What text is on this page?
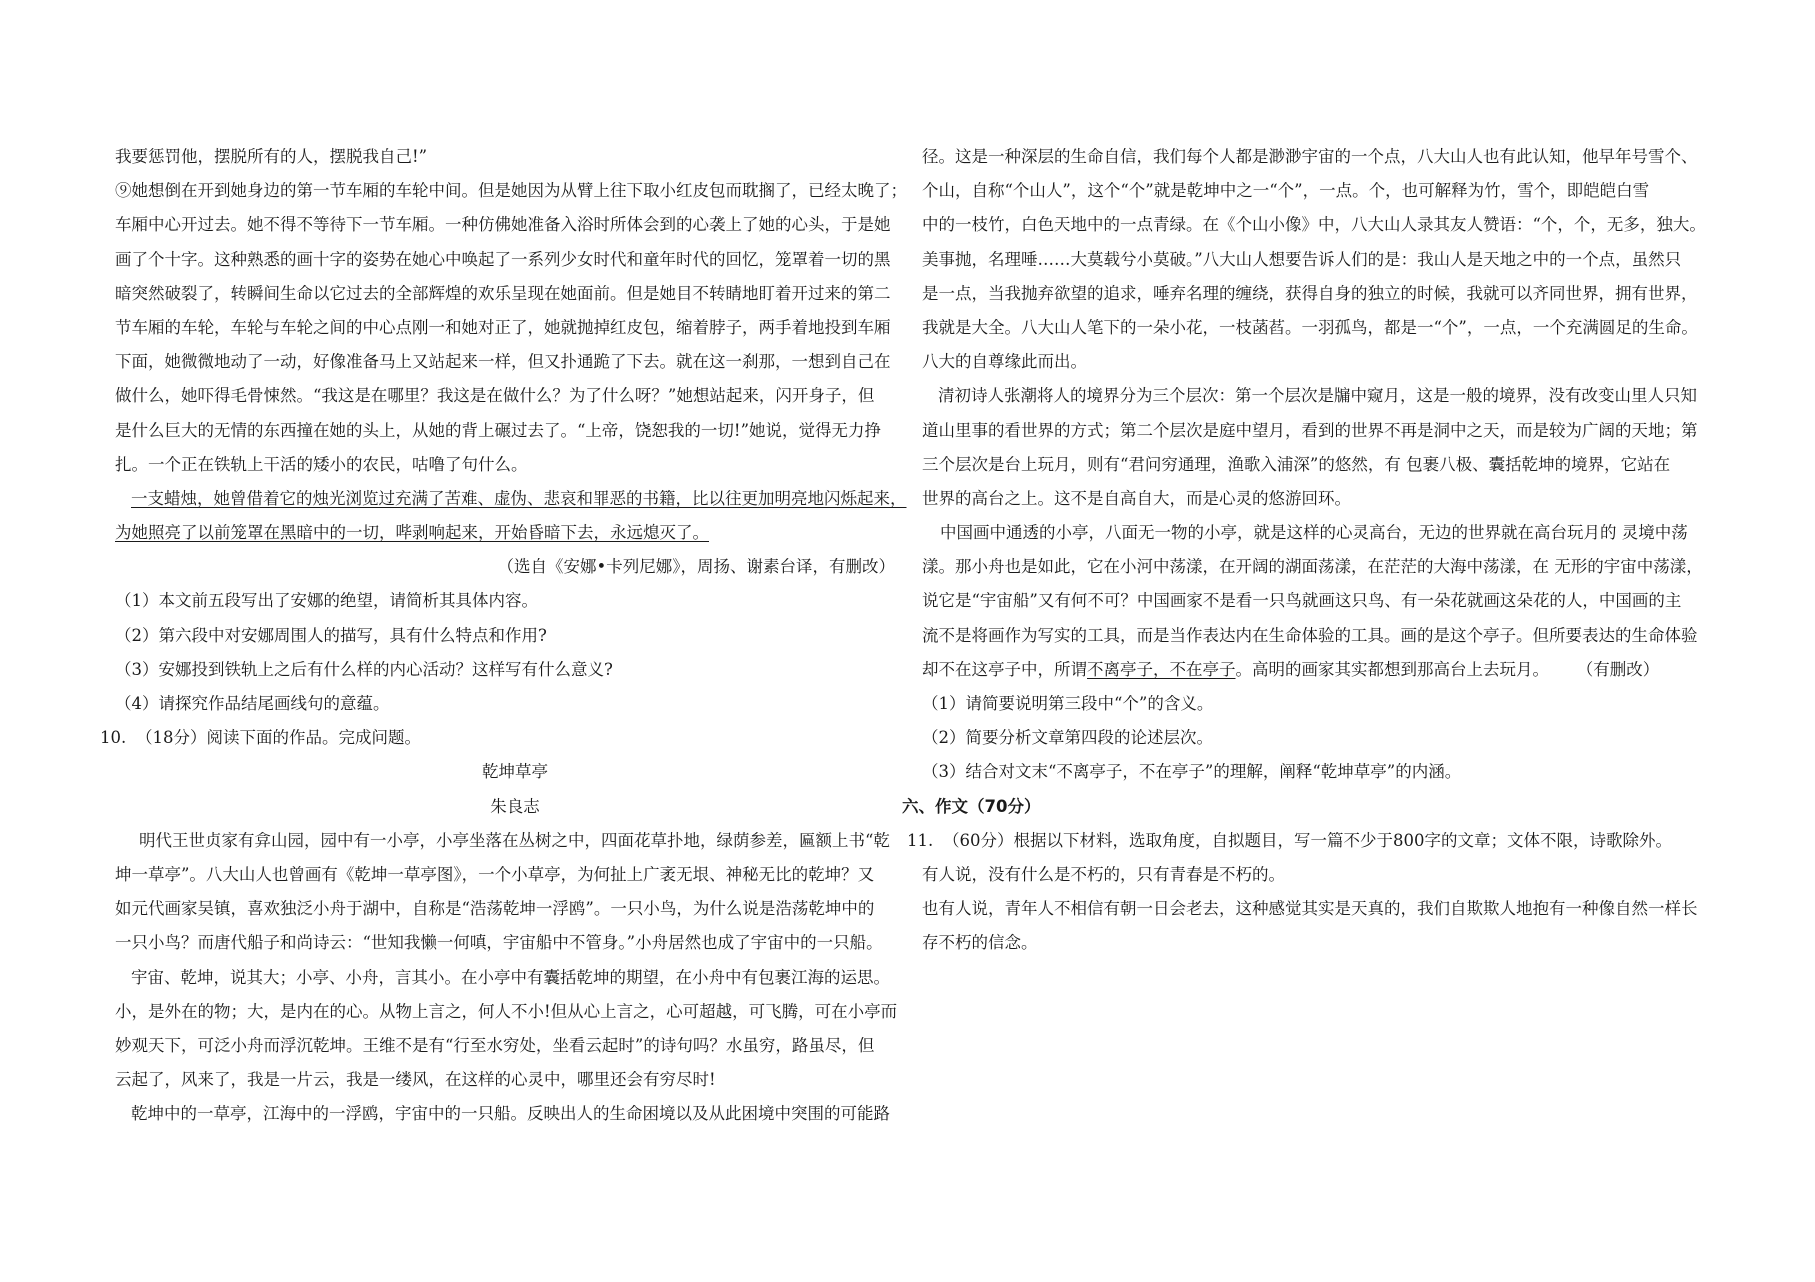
我要惩罚他，摆脱所有的人，摆脱我自己!”

⑨她想倒在开到她身边的第一节车厢的车轮中间。但是她因为从臂上往下取小红皮包而耽搁了，已经太晚了；

车厢中心开过去。她不得不等待下一节车厢。一种仿佛她准备入浴时所体会到的心袭上了她的心头，于是她

画了个十字。这种熟悉的画十字的姿势在她心中唤起了一系列少女时代和童年时代的回忆，笼罩着一切的黑

暗突然破裂了，转瞬间生命以它过去的全部辉煌的欢乐呈现在她面前。但是她目不转睛地盯着开过来的第二

节车厢的车轮，车轮与车轮之间的中心点刚一和她对正了，她就抛掉红皮包，缩着脖子，两手着地投到车厢

下面，她微微地动了一动，好像准备马上又站起来一样，但又扑通跪了下去。就在这一刹那，一想到自己在

做什么，她吓得毛骨悚然。“我这是在哪里？我这是在做什么？为了什么呀？”她想站起来，闪开身子，但

是什么巨大的无情的东西撞在她的头上，从她的背上碾过去了。“上帝，饶恕我的一切!”她说，觉得无力挣

扎。一个正在铁轨上干活的矮小的农民，咕噜了句什么。

一支蜡烛，她曾借着它的烛光浏览过充满了苦难、虚伪、悲哀和罪恶的书籍，比以往更加明亮地闪烁起来，

为她照亮了以前笼罩在黑暗中的一切，哔剥响起来，开始昏暗下去，永远熄灭了。

（选自《安娜•卡列尼娜》，周扬、谢素台译，有删改）

（1）本文前五段写出了安娜的绝望，请简析其具体内容。

（2）第六段中对安娜周围人的描写，具有什么特点和作用?

（3）安娜投到铁轨上之后有什么样的内心活动？这样写有什么意义?

（4）请探究作品结尾画线句的意蕴。

10. （18分）阅读下面的作品。完成问题。

乾坤草亭

朱良志

明代王世贞家有弇山园，园中有一小亭，小亭坐落在丛树之中，四面花草扑地，绿荫参差，匾额上书“乾

坤一草亭”。八大山人也曾画有《乾坤一草亭图》，一个小草亭，为何扯上广袤无垠、神秘无比的乾坤？又

如元代画家吴镇，喜欢独泛小舟于湖中，自称是“浩荡乾坤一浮鸥”。一只小鸟，为什么说是浩荡乾坤中的

一只小鸟？而唐代船子和尚诗云：“世知我懒一何嗔，宇宙船中不管身。”小舟居然也成了宇宙中的一只船。

宇宙、乾坤，说其大；小亭、小舟，言其小。在小亭中有囊括乾坤的期望，在小舟中有包裹江海的运思。

小，是外在的物；大，是内在的心。从物上言之，何人不小!但从心上言之，心可超越，可飞腾，可在小亭而

妙观天下，可泛小舟而浮沉乾坤。王维不是有“行至水穷处，坐看云起时”的诗句吗？水虽穷，路虽尽，但

云起了，风来了，我是一片云，我是一缕风，在这样的心灵中，哪里还会有穷尽时!

乾坤中的一草亭，江海中的一浮鸥，宇宙中的一只船。反映出人的生命困境以及从此困境中突围的可能路

径。这是一种深层的生命自信，我们每个人都是渺渺宇宙的一个点，八大山人也有此认知，他早年号雪个、

个山，自称“个山人”，这个“个”就是乾坤中之一“个”，一点。个，也可解释为竹，雪个，即皑皑白雪

中的一枝竹，白色天地中的一点青绿。在《个山小像》中，八大山人录其友人赞语：“个，个，无多，独大。

美事抛，名理唾……大莫载兮小莫破。”八大山人想要告诉人们的是：我山人是天地之中的一个点，虽然只

是一点，当我抛弃欲望的追求，唾弃名理的缠绕，获得自身的独立的时候，我就可以齐同世界，拥有世界，

我就是大全。八大山人笔下的一朵小花，一枝菡萏。一羽孤鸟，都是一“个”，一点，一个充满圆足的生命。

八大的自尊缘此而出。

清初诗人张潮将人的境界分为三个层次：第一个层次是牖中窥月，这是一般的境界，没有改变山里人只知

道山里事的看世界的方式；第二个层次是庭中望月，看到的世界不再是洞中之天，而是较为广阔的天地；第

三个层次是台上玩月，则有“君问穷通理，渔歌入浦深”的悠然，有 包裹八极、囊括乾坤的境界，它站在

世界的高台之上。这不是自高自大，而是心灵的悠游回环。

中国画中通透的小亭，八面无一物的小亭，就是这样的心灵高台，无边的世界就在高台玩月的 灵境中荡

漾。那小舟也是如此，它在小河中荡漾，在开阔的湖面荡漾，在茫茫的大海中荡漾，在 无形的宇宙中荡漾，

说它是“宇宙船”又有何不可？中国画家不是看一只鸟就画这只鸟、有一朵花就画这朵花的人，中国画的主

流不是将画作为写实的工具，而是当作表达内在生命体验的工具。画的是这个亭子。但所要表达的生命体验

却不在这亭子中，所谓不离亭子，不在亭子。高明的画家其实都想到那高台上去玩月。 （有删改）

（1）请简要说明第三段中“个”的含义。

（2）简要分析文章第四段的论述层次。

（3）结合对文末“不离亭子，不在亭子”的理解，阐释“乾坤草亭”的内涵。

六、作文（70分）

11. （60分）根据以下材料，选取角度，自拟题目，写一篇不少于800字的文章；文体不限，诗歌除外。

有人说，没有什么是不朽的，只有青春是不朽的。

也有人说，青年人不相信有朝一日会老去，这种感觉其实是天真的，我们自欺欺人地抱有一种像自然一样长

存不朽的信念。
